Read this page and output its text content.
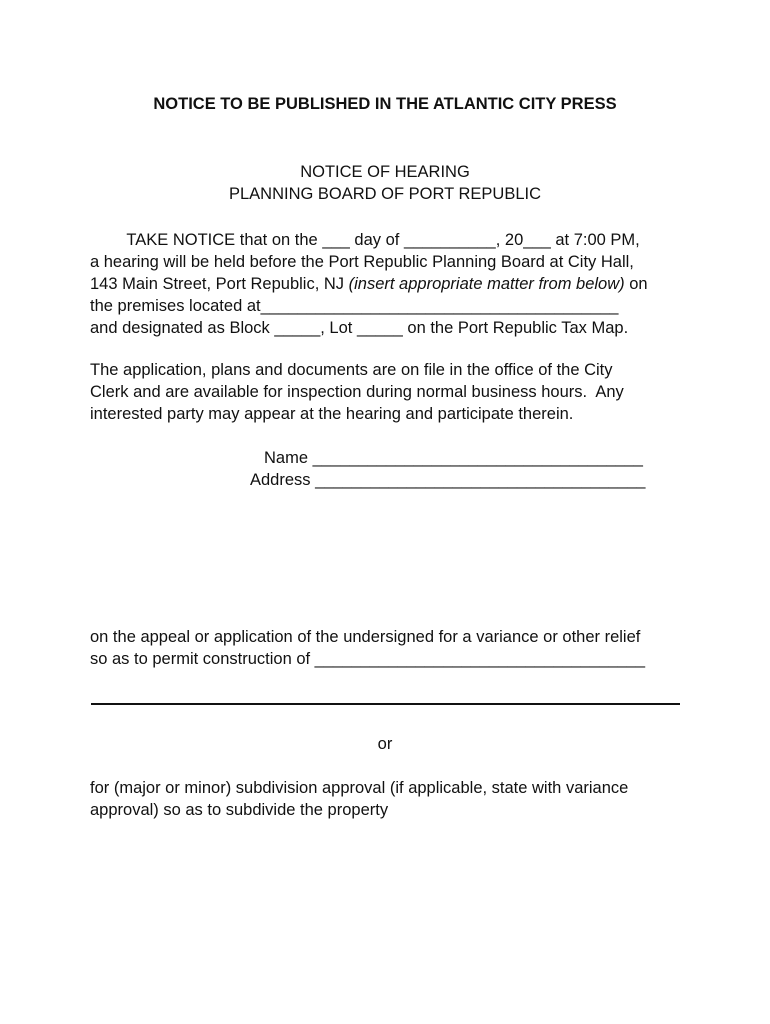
NOTICE TO BE PUBLISHED IN THE ATLANTIC CITY PRESS
NOTICE OF HEARING
PLANNING BOARD OF PORT REPUBLIC
TAKE NOTICE that on the ___ day of __________, 20___ at 7:00 PM,
a hearing will be held before the Port Republic Planning Board at City Hall,
143 Main Street, Port Republic, NJ (insert appropriate matter from below) on
the premises located at_______________________________________
and designated as Block _____, Lot _____ on the Port Republic Tax Map.
The application, plans and documents are on file in the office of the City
Clerk and are available for inspection during normal business hours.  Any
interested party may appear at the hearing and participate therein.
Name ____________________________________
Address ____________________________________
on the appeal or application of the undersigned for a variance or other relief
so as to permit construction of ____________________________________
or
for (major or minor) subdivision approval (if applicable, state with variance
approval) so as to subdivide the property
